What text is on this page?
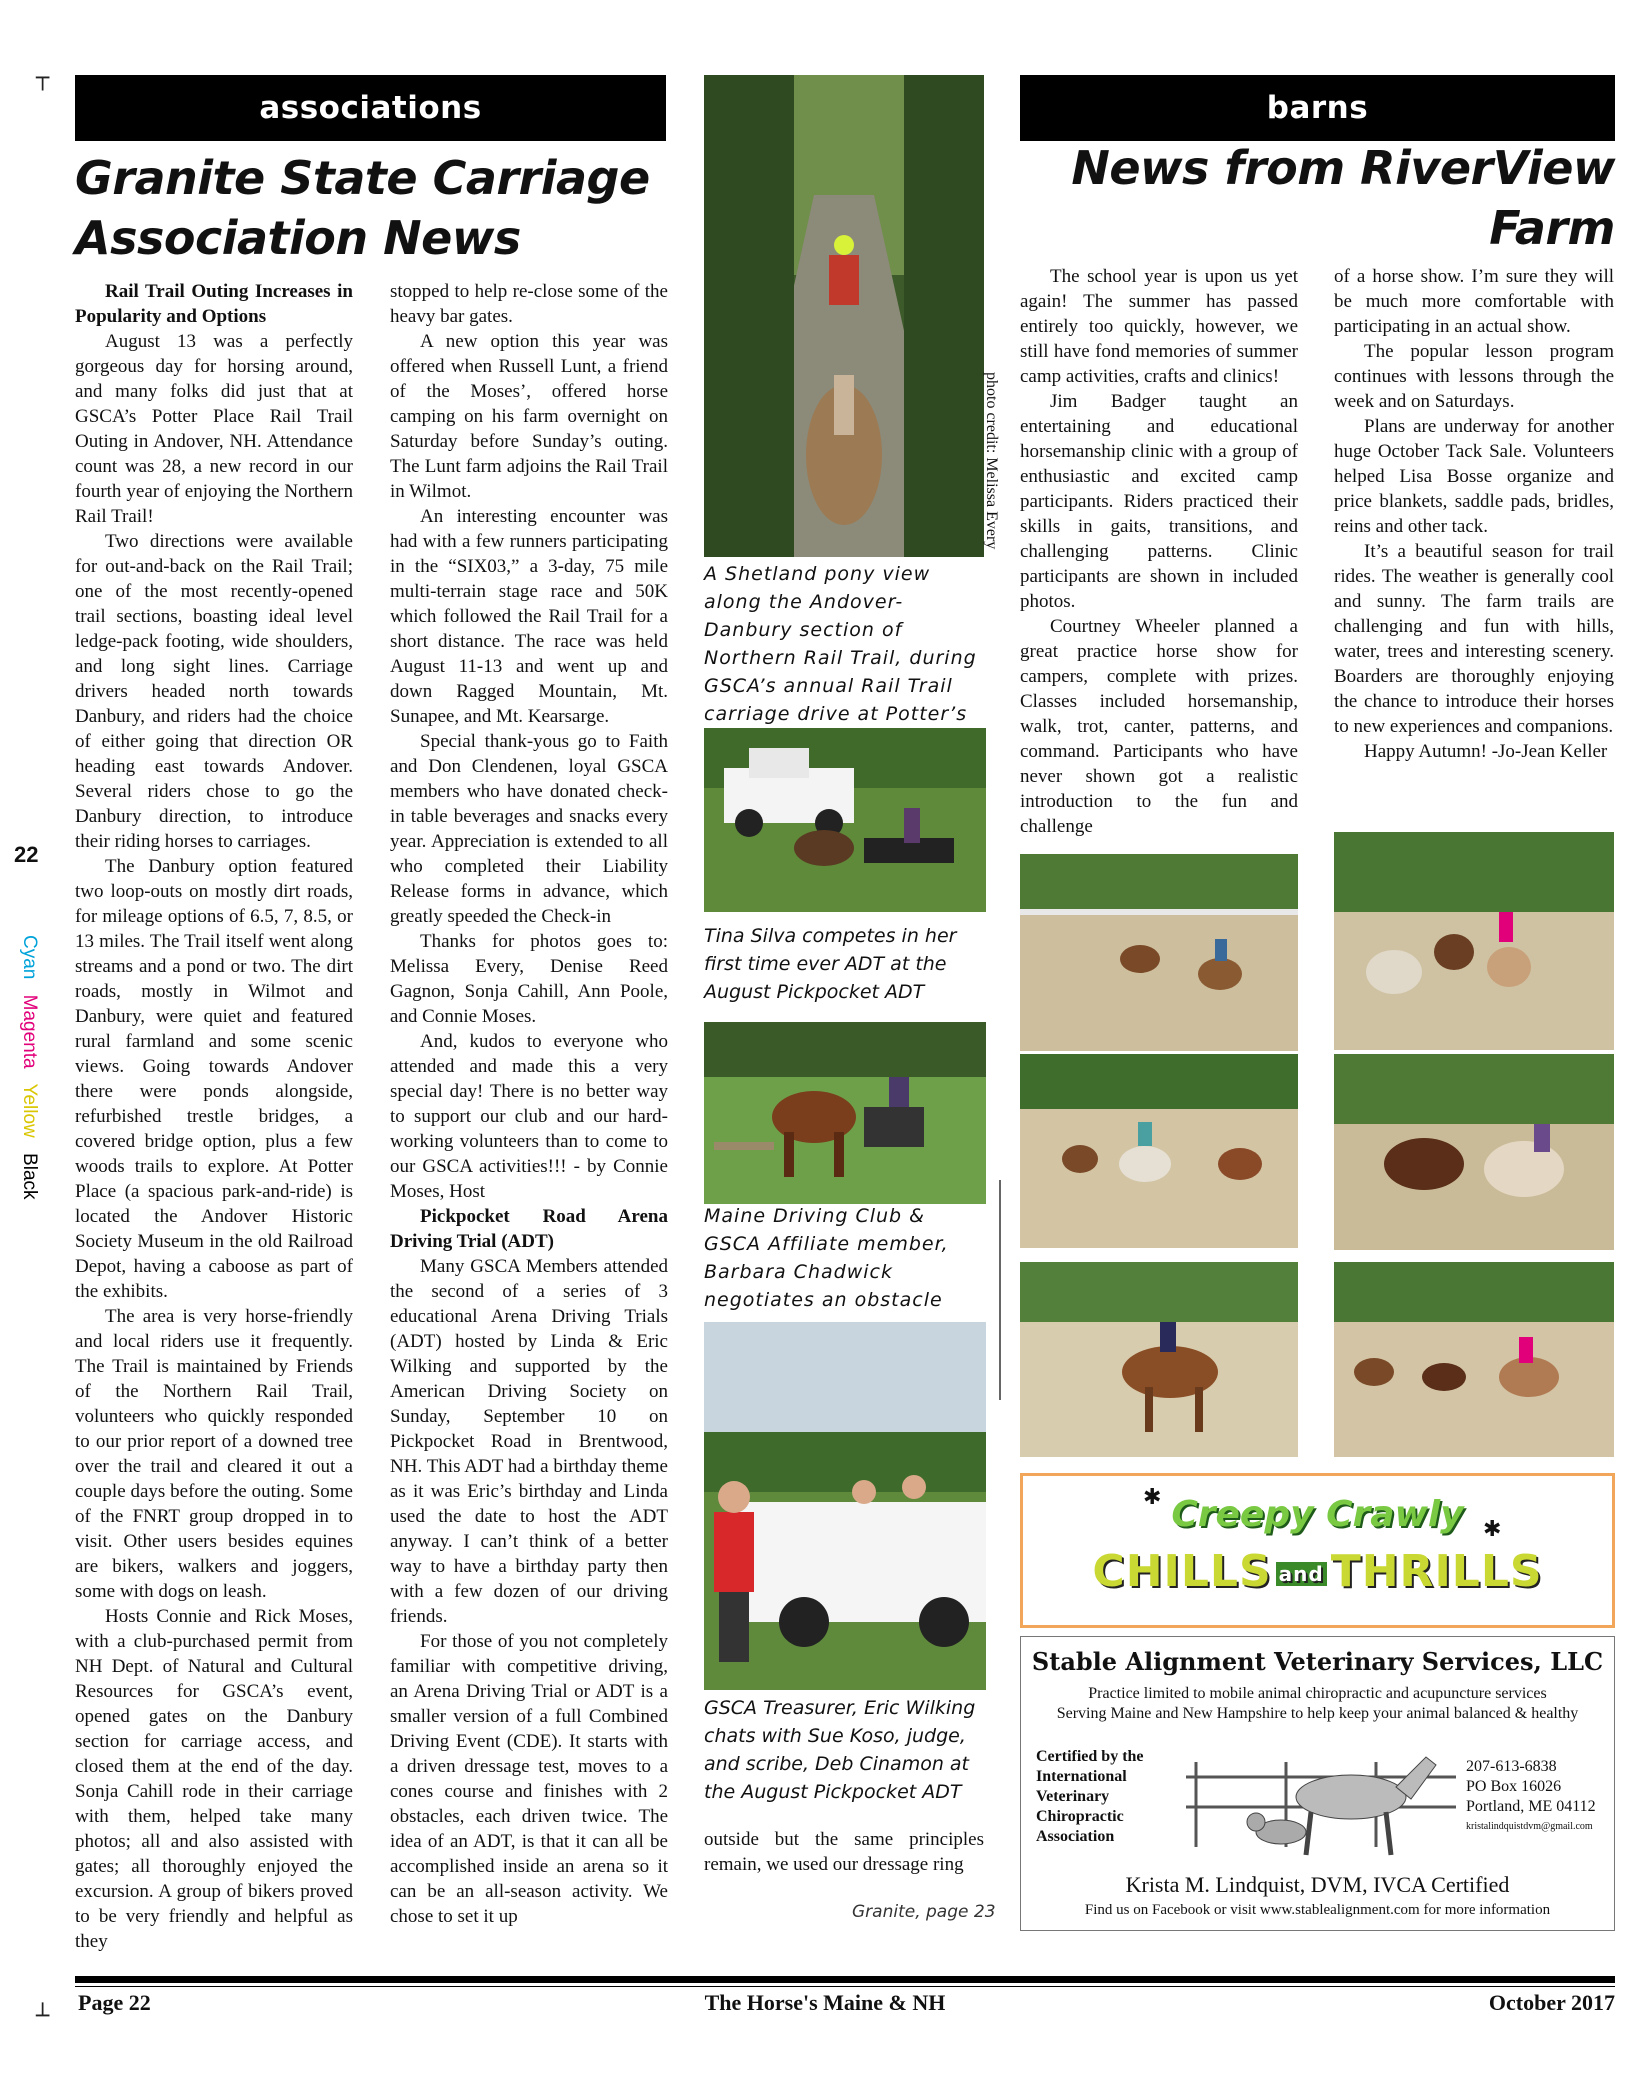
┬
┴
22
Cyan Magenta Yellow Black
associations	barns
Granite State Carriage
Association News
Rail Trail Outing Increases in Popularity and Options

August 13 was a perfectly gorgeous day for horsing around, and many folks did just that at GSCA’s Potter Place Rail Trail Outing in Andover, NH. Attendance count was 28, a new record in our fourth year of enjoying the Northern Rail Trail!

Two directions were available for out-and-back on the Rail Trail; one of the most recently-opened trail sections, boasting ideal level ledge-pack footing, wide shoulders, and long sight lines. Carriage drivers headed north towards Danbury, and riders had the choice of either going that direction OR heading east towards Andover. Several riders chose to go the Danbury direction, to introduce their riding horses to carriages.

The Danbury option featured two loop-outs on mostly dirt roads, for mileage options of 6.5, 7, 8.5, or 13 miles. The Trail itself went along streams and a pond or two. The dirt roads, mostly in Wilmot and Danbury, were quiet and featured rural farmland and some scenic views. Going towards Andover there were ponds alongside, refurbished trestle bridges, a covered bridge option, plus a few woods trails to explore. At Potter Place (a spacious park-and-ride) is located the Andover Historic Society Museum in the old Railroad Depot, having a caboose as part of the exhibits.

The area is very horse-friendly and local riders use it frequently. The Trail is maintained by Friends of the Northern Rail Trail, volunteers who quickly responded to our prior report of a downed tree over the trail and cleared it out a couple days before the outing. Some of the FNRT group dropped in to visit. Other users besides equines are bikers, walkers and joggers, some with dogs on leash.

Hosts Connie and Rick Moses, with a club-purchased permit from NH Dept. of Natural and Cultural Resources for GSCA’s event, opened gates on the Danbury section for carriage access, and closed them at the end of the day. Sonja Cahill rode in their carriage with them, helped take many photos; all and also assisted with gates; all thoroughly enjoyed the excursion. A group of bikers proved to be very friendly and helpful as they

stopped to help re-close some of the heavy bar gates.

A new option this year was offered when Russell Lunt, a friend of the Moses’, offered horse camping on his farm overnight on Saturday before Sunday’s outing. The Lunt farm adjoins the Rail Trail in Wilmot.

An interesting encounter was had with a few runners participating in the “SIX03,” a 3-day, 75 mile multi-terrain stage race and 50K which followed the Rail Trail for a short distance. The race was held August 11-13 and went up and down Ragged Mountain, Mt. Sunapee, and Mt. Kearsarge.

Special thank-yous go to Faith and Don Clendenen, loyal GSCA members who have donated check-in table beverages and snacks every year. Appreciation is extended to all who completed their Liability Release forms in advance, which greatly speeded the Check-in

Thanks for photos goes to: Melissa Every, Denise Reed Gagnon, Sonja Cahill, Ann Poole, and Connie Moses.

And, kudos to everyone who attended and made this a very special day! There is no better way to support our club and our hard-working volunteers than to come to our GSCA activities!!! - by Connie Moses, Host

Pickpocket Road Arena Driving Trial (ADT)

Many GSCA Members attended the second of a series of 3 educational Arena Driving Trials (ADT) hosted by Linda & Eric Wilking and supported by the American Driving Society on Sunday, September 10 on Pickpocket Road in Brentwood, NH. This ADT had a birthday theme as it was Eric’s birthday and Linda used the date to host the ADT anyway. I can’t think of a better way to have a birthday party then with a few dozen of our driving friends.

For those of you not completely familiar with competitive driving, an Arena Driving Trial or ADT is a smaller version of a full Combined Driving Event (CDE). It starts with a driven dressage test, moves to a cones course and finishes with 2 obstacles, each driven twice. The idea of an ADT, is that it can all be accomplished inside an arena so it can be an all-season activity. We chose to set it up

photo credit: Melissa Every
A Shetland pony view along the Andover-Danbury section of Northern Rail Trail, during GSCA’s annual Rail Trail carriage drive at Potter’s
Tina Silva competes in her first time ever ADT at the August Pickpocket ADT
Maine Driving Club & GSCA Affiliate member, Barbara Chadwick negotiates an obstacle
GSCA Treasurer, Eric Wilking chats with Sue Koso, judge, and scribe, Deb Cinamon at the August Pickpocket ADT

outside but the same principles remain, we used our dressage ring

Granite, page 23
News from RiverView
Farm

The school year is upon us yet again! The summer has passed entirely too quickly, however, we still have fond memories of summer camp activities, crafts and clinics!

Jim Badger taught an entertaining and educational horsemanship clinic with a group of enthusiastic and excited camp participants. Riders practiced their skills in gaits, transitions, and challenging patterns. Clinic participants are shown in included photos.

Courtney Wheeler planned a great practice horse show for campers, complete with prizes. Classes included horsemanship, walk, trot, canter, patterns, and command. Participants who have never shown got a realistic introduction to the fun and challenge

of a horse show. I’m sure they will be much more comfortable with participating in an actual show.

The popular lesson program continues with lessons through the week and on Saturdays.

Plans are underway for another huge October Tack Sale. Volunteers helped Lisa Bosse organize and price blankets, saddle pads, bridles, reins and other tack.

It’s a beautiful season for trail rides. The weather is generally cool and sunny. The farm trails are challenging and fun with hills, water, trees and interesting scenery. Boarders are thoroughly enjoying the chance to introduce their horses to new experiences and companions.

Happy Autumn! -Jo-Jean Keller

Creepy Crawly
CHILLS and THRILLS
✱
✱
Stable Alignment Veterinary Services, LLC
Practice limited to mobile animal chiropractic and acupuncture services
Serving Maine and New Hampshire to help keep your animal balanced & healthy
Certified by the
International
Veterinary
Chiropractic
Association
207-613-6838
PO Box 16026
Portland, ME 04112
kristalindquistdvm@gmail.com
Krista M. Lindquist, DVM, IVCA Certified
Find us on Facebook or visit www.stablealignment.com for more information
Page 22	The Horse's Maine & NH	October 2017
